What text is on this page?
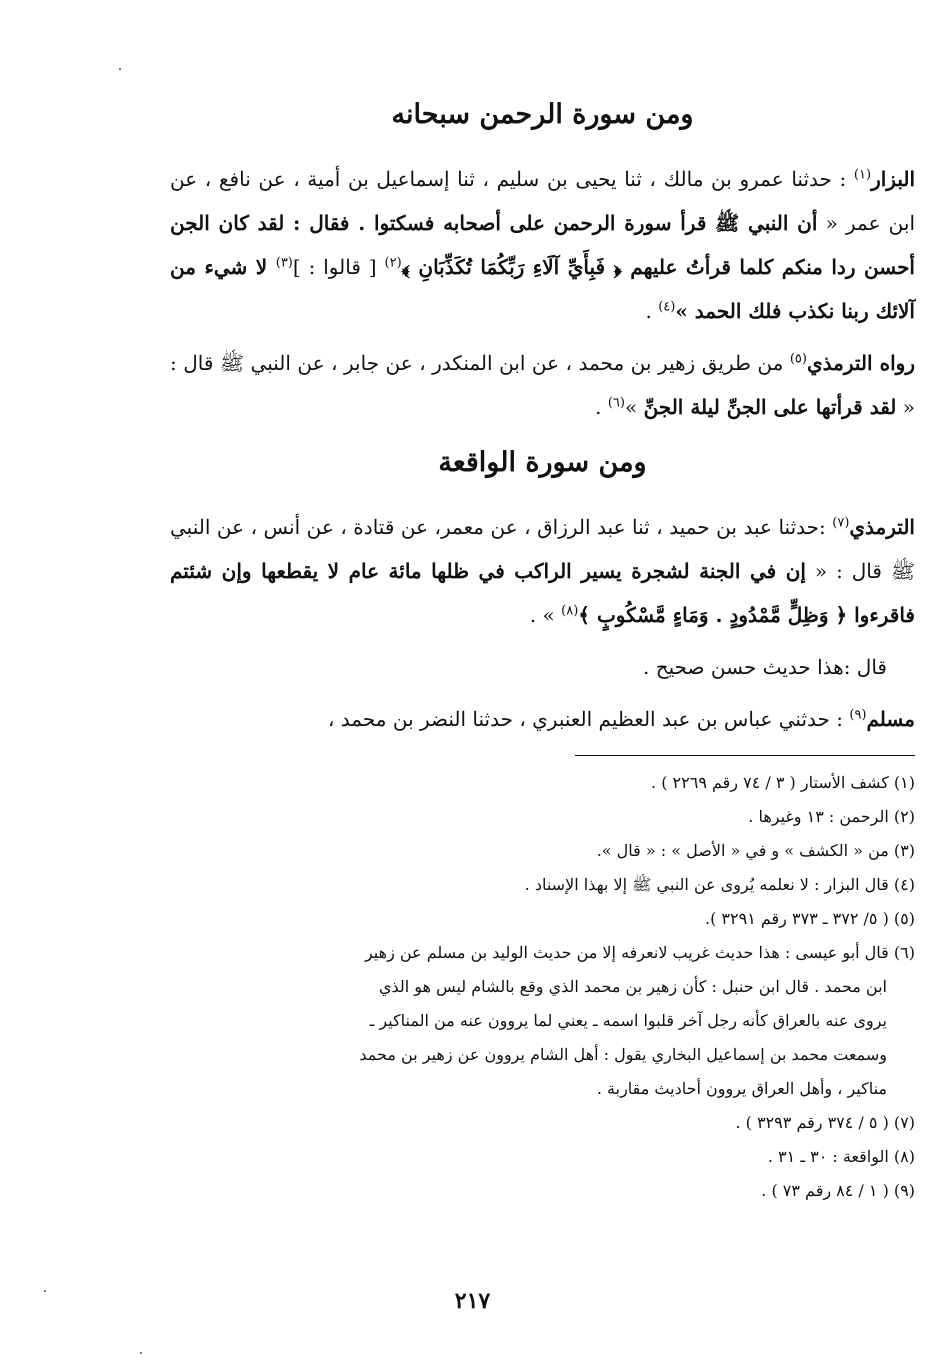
ومن سورة الرحمن سبحانه

البزار$^{(١)}$ : حدثنا عمرو بن مالك ، ثنا يحيى بن سليم ، ثنا إسماعيل بن أمية ، عن نافع ، عن ابن عمر « أن النبي ﷺ قرأ سورة الرحمن على أصحابه فسكتوا . فقال : لقد كان الجن أحسن ردا منكم كلما قرأتُ عليهم ﴿ فَبِأَيِّ آلَاءِ رَبِّكُمَا تُكَذِّبَانِ ﴾$^{(٢)}$ [ قالوا : ]$^{(٣)}$ لا شيء من آلائك ربنا نكذب فلك الحمد »$^{(٤)}$ .

رواه الترمذي$^{(٥)}$ من طريق زهير بن محمد ، عن ابن المنكدر ، عن جابر ، عن النبي ﷺ قال : « لقد قرأتها على الجنِّ ليلة الجنِّ »$^{(٦)}$ .

ومن سورة الواقعة

الترمذي$^{(٧)}$ :حدثنا عبد بن حميد ، ثنا عبد الرزاق ، عن معمر، عن قتادة ، عن أنس ، عن النبي ﷺ قال : « إن في الجنة لشجرة يسير الراكب في ظلها مائة عام لا يقطعها وإن شئتم فاقرءوا ﴿ وَظِلٍّ مَّمْدُودٍ . وَمَاءٍ مَّسْكُوبٍ ﴾$^{(٨)}$ » .

قال :هذا حديث حسن صحيح .

مسلم$^{(٩)}$ : حدثني عباس بن عبد العظيم العنبري ، حدثنا النضر بن محمد ،

(١) كشف الأستار ( ٣ / ٧٤ رقم ٢٢٦٩ ) .

(٢) الرحمن : ١٣ وغيرها .

(٣) من « الكشف » و في « الأصل » : « قال ».

(٤) قال البزار : لا نعلمه يُروى عن النبي ﷺ إلا بهذا الإسناد .

(٥) ( ٥/ ٣٧٢ ـ ٣٧٣ رقم ٣٢٩١ ).

(٦) قال أبو عيسى : هذا حديث غريب لانعرفه إلا من حديث الوليد بن مسلم عن زهير

ابن محمد . قال ابن حنبل : كأن زهير بن محمد الذي وقع بالشام ليس هو الذي

يروى عنه بالعراق كأنه رجل آخر قلبوا اسمه ـ يعني لما يروون عنه من المناكير ـ

وسمعت محمد بن إسماعيل البخاري يقول : أهل الشام يروون عن زهير بن محمد

مناكير ، وأهل العراق يروون أحاديث مقاربة .

(٧) ( ٥ / ٣٧٤ رقم ٣٢٩٣ ) .

(٨) الواقعة : ٣٠ ـ ٣١ .

(٩) ( ١ / ٨٤ رقم ٧٣ ) .

٢١٧
